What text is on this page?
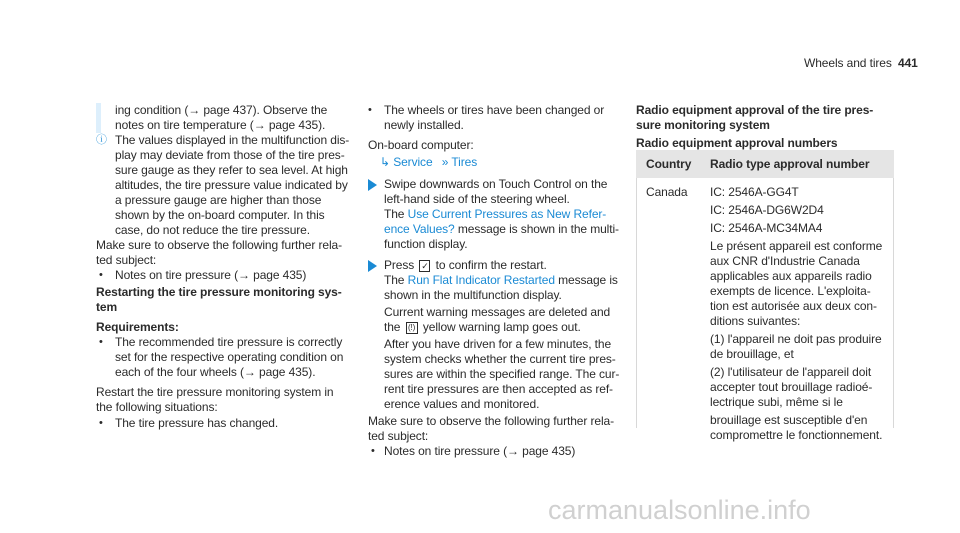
Wheels and tires 441
ing condition (→ page 437). Observe the
notes on tire temperature (→ page 435).
ⓘ The values displayed in the multifunction dis-
play may deviate from those of the tire pres-
sure gauge as they refer to sea level. At high
altitudes, the tire pressure value indicated by
a pressure gauge are higher than those
shown by the on-board computer. In this
case, do not reduce the tire pressure.
Make sure to observe the following further rela-
ted subject:
• Notes on tire pressure (→ page 435)
Restarting the tire pressure monitoring sys-
tem
Requirements:
• The recommended tire pressure is correctly
set for the respective operating condition on
each of the four wheels (→ page 435).
Restart the tire pressure monitoring system in
the following situations:
• The tire pressure has changed.
• The wheels or tires have been changed or
newly installed.
On-board computer:
↳ Service » Tires
Swipe downwards on Touch Control on the
left-hand side of the steering wheel.
The Use Current Pressures as New Refer-
ence Values? message is shown in the multi-
function display.
Press ✓ to confirm the restart.
The Run Flat Indicator Restarted message is
shown in the multifunction display.
Current warning messages are deleted and
the (!) yellow warning lamp goes out.
After you have driven for a few minutes, the
system checks whether the current tire pres-
sures are within the specified range. The cur-
rent tire pressures are then accepted as ref-
erence values and monitored.
Make sure to observe the following further rela-
ted subject:
• Notes on tire pressure (→ page 435)
Radio equipment approval of the tire pres-
sure monitoring system
Radio equipment approval numbers
Country Radio type approval number
Canada IC: 2546A-GG4T
IC: 2546A-DG6W2D4
IC: 2546A-MC34MA4
Le présent appareil est conforme
aux CNR d'Industrie Canada
applicables aux appareils radio
exempts de licence. L'exploita-
tion est autorisée aux deux con-
ditions suivantes:
(1) l'appareil ne doit pas produire
de brouillage, et
(2) l'utilisateur de l'appareil doit
accepter tout brouillage radioé-
lectrique subi, même si le
brouillage est susceptible d'en
compromettre le fonctionnement.
carmanualsonline.info
